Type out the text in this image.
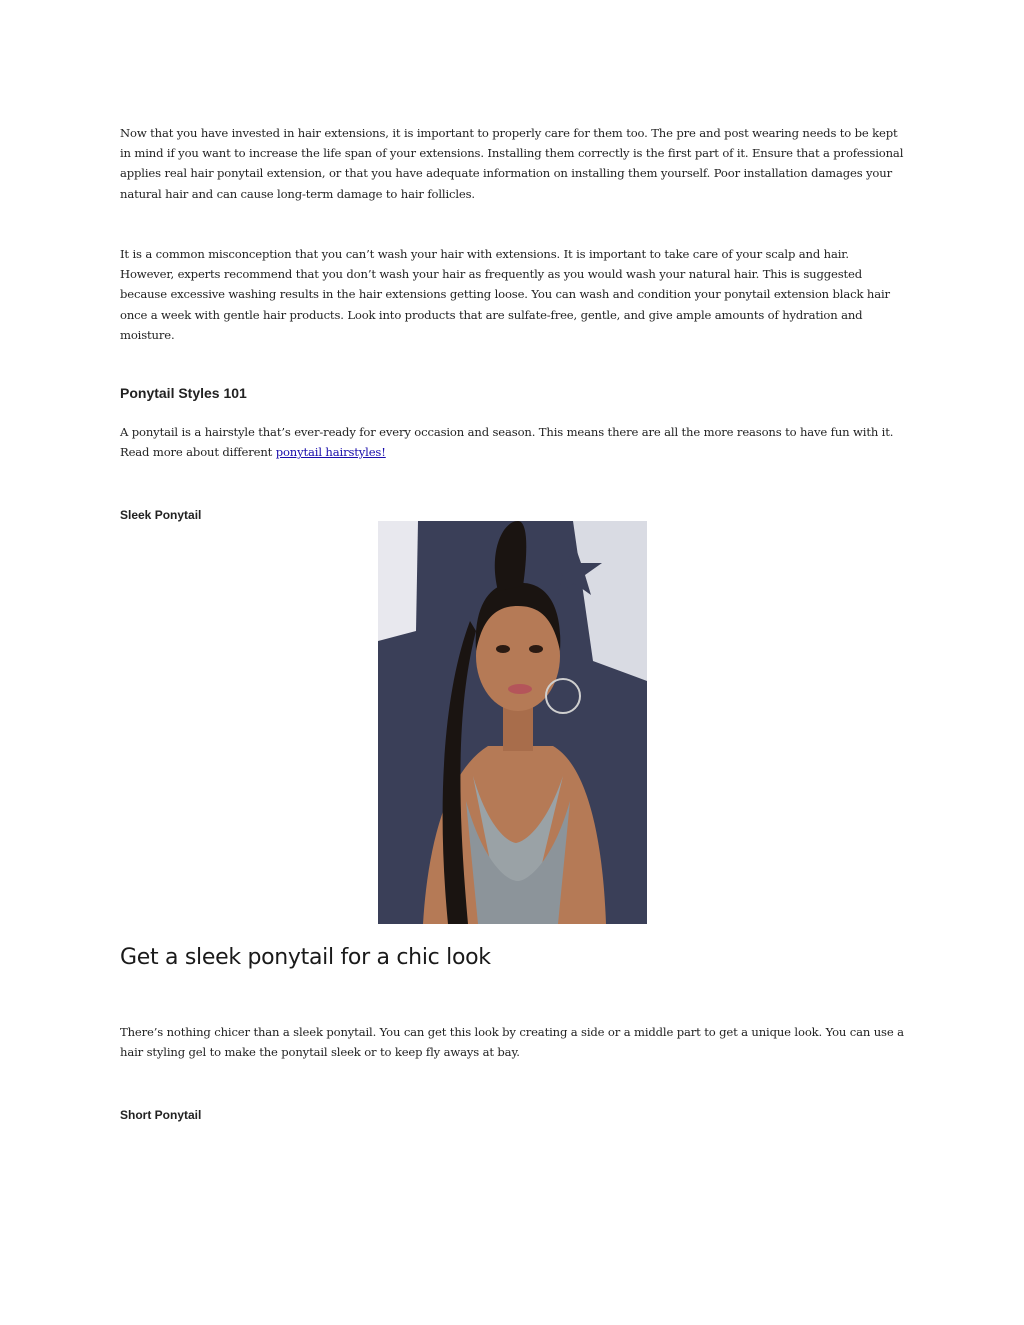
Now that you have invested in hair extensions, it is important to properly care for them too. The pre and post wearing needs to be kept in mind if you want to increase the life span of your extensions. Installing them correctly is the first part of it. Ensure that a professional applies real hair ponytail extension, or that you have adequate information on installing them yourself. Poor installation damages your natural hair and can cause long-term damage to hair follicles.

It is a common misconception that you can’t wash your hair with extensions. It is important to take care of your scalp and hair. However, experts recommend that you don’t wash your hair as frequently as you would wash your natural hair. This is suggested because excessive washing results in the hair extensions getting loose. You can wash and condition your ponytail extension black hair once a week with gentle hair products. Look into products that are sulfate-free, gentle, and give ample amounts of hydration and moisture.

Ponytail Styles 101

A ponytail is a hairstyle that’s ever-ready for every occasion and season. This means there are all the more reasons to have fun with it. Read more about different ponytail hairstyles!

Sleek Ponytail
Get a sleek ponytail for a chic look

There’s nothing chicer than a sleek ponytail. You can get this look by creating a side or a middle part to get a unique look. You can use a hair styling gel to make the ponytail sleek or to keep fly aways at bay.

Short Ponytail
